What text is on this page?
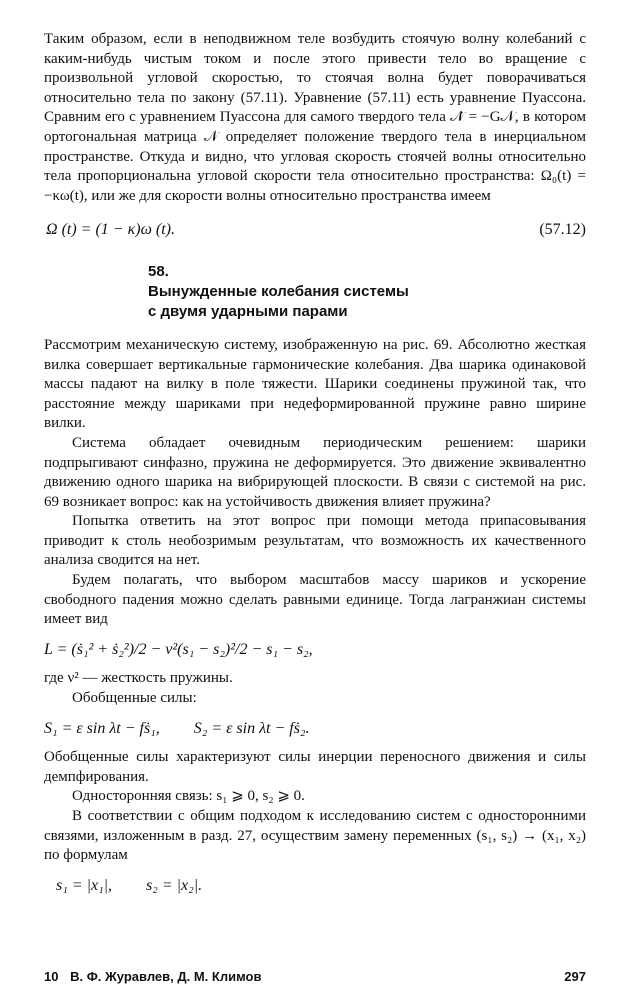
Таким образом, если в неподвижном теле возбудить стоячую волну колебаний с каким-нибудь чистым током и после этого привести тело во вращение с произвольной угловой скоростью, то стоячая волна будет поворачиваться относительно тела по закону (57.11). Уравнение (57.11) есть уравнение Пуассона. Сравним его с уравнением Пуассона для самого твердого тела 𝒩̇ = −G𝒩, в котором ортогональная матрица 𝒩 определяет положение твердого тела в инерциальном пространстве. Откуда и видно, что угловая скорость стоячей волны относительно тела пропорциональна угловой скорости тела относительно пространства: Ω₀(t) = −κω(t), или же для скорости волны относительно пространства имеем

Ω (t) = (1 − κ)ω (t).	(57.12)
58.
Вынужденные колебания системы
с двумя ударными парами

Рассмотрим механическую систему, изображенную на рис. 69. Абсолютно жесткая вилка совершает вертикальные гармонические колебания. Два шарика одинаковой массы падают на вилку в поле тяжести. Шарики соединены пружиной так, что расстояние между шариками при недеформированной пружине равно ширине вилки.

Система обладает очевидным периодическим решением: шарики подпрыгивают синфазно, пружина не деформируется. Это движение эквивалентно движению одного шарика на вибрирующей плоскости. В связи с системой на рис. 69 возникает вопрос: как на устойчивость движения влияет пружина?

Попытка ответить на этот вопрос при помощи метода припасовывания приводит к столь необозримым результатам, что возможность их качественного анализа сводится на нет.

Будем полагать, что выбором масштабов массу шариков и ускорение свободного падения можно сделать равными единице. Тогда лагранжиан системы имеет вид

L = (ṡ₁² + ṡ₂²)/2 − ν²(s₁ − s₂)²/2 − s₁ − s₂,

где ν² — жесткость пружины.

Обобщенные силы:

S₁ = ε sin λt − fṡ₁, S₂ = ε sin λt − fṡ₂.

Обобщенные силы характеризуют силы инерции переносного движения и силы демпфирования.

Односторонняя связь: s₁ ⩾ 0, s₂ ⩾ 0.

В соответствии с общим подходом к исследованию систем с односторонними связями, изложенным в разд. 27, осуществим замену переменных (s₁, s₂) → (x₁, x₂) по формулам

s₁ = |x₁|, s₂ = |x₂|.
10 В. Ф. Журавлев, Д. М. Климов	297
